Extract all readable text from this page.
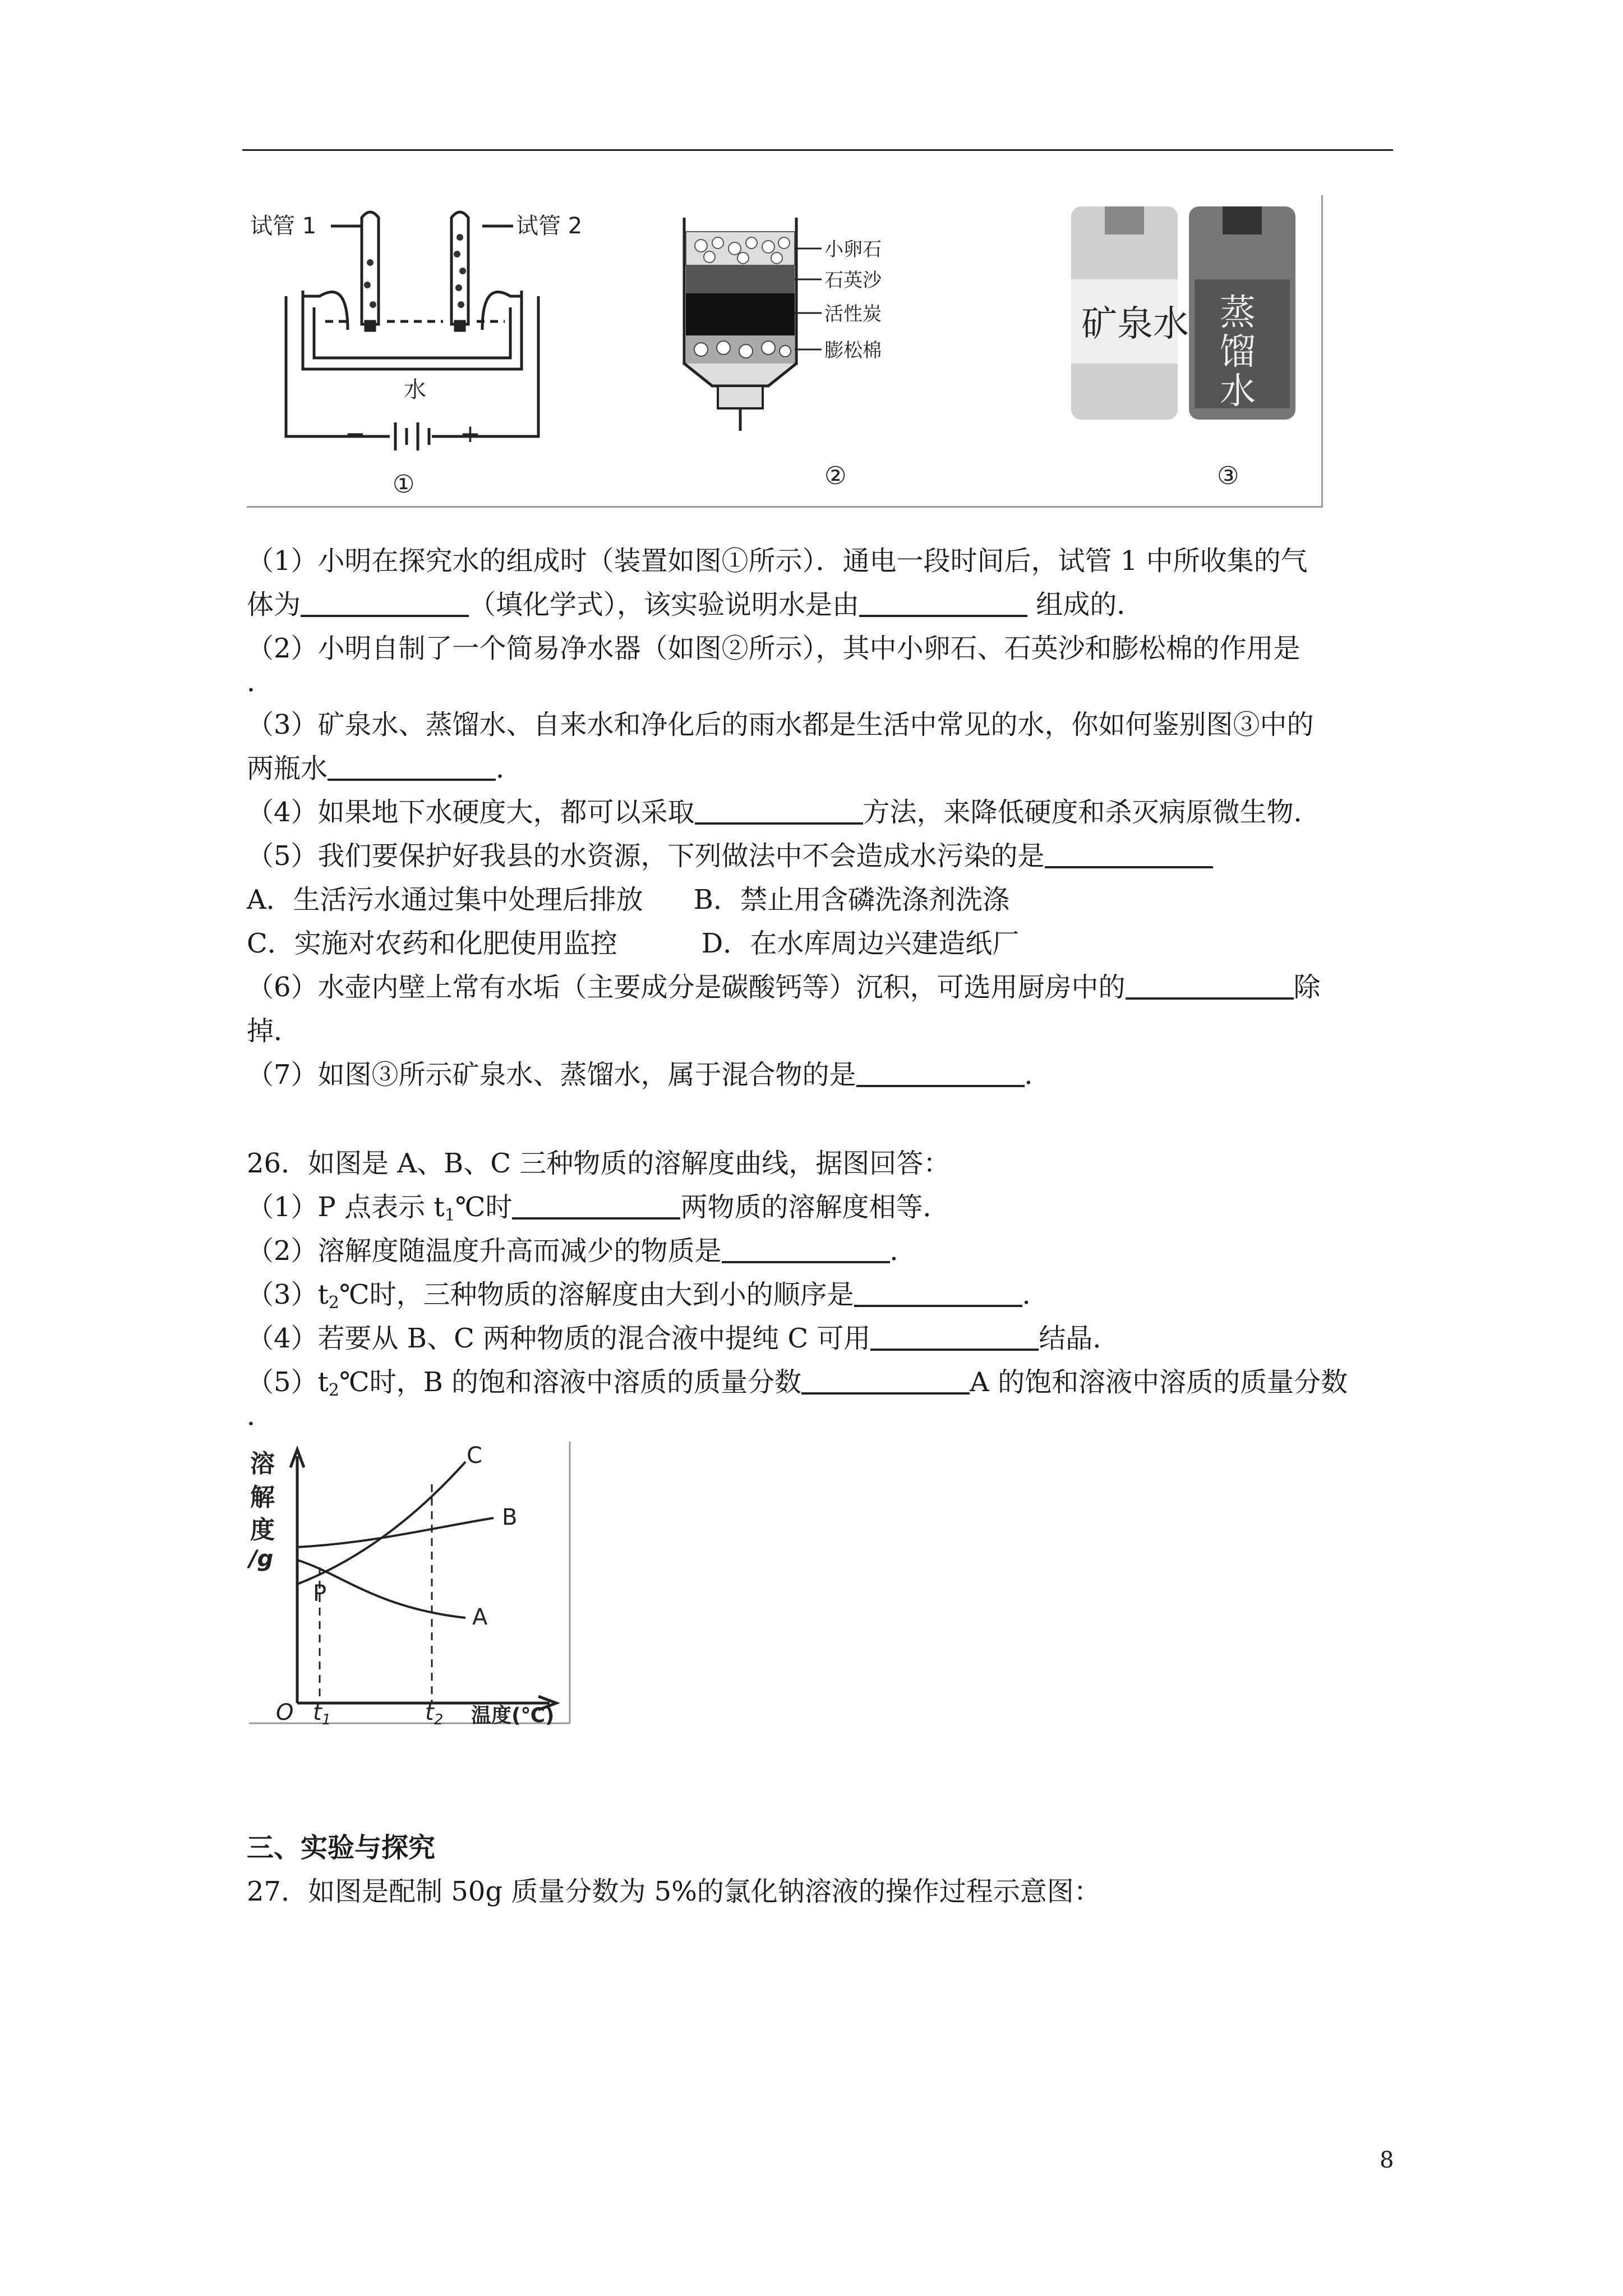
试管 1	试管 2
水
−	+
①
小卵石
石英沙
活性炭
膨松棉
②	③
矿泉水 蒸馏水
（1）小明在探究水的组成时（装置如图①所示）．通电一段时间后，试管 1 中所收集的气
体为	（填化学式），该实验说明水是由	组成的．
（2）小明自制了一个简易净水器（如图②所示），其中小卵石、石英沙和膨松棉的作用是
．
（3）矿泉水、蒸馏水、自来水和净化后的雨水都是生活中常见的水，你如何鉴别图③中的
两瓶水	．
（4）如果地下水硬度大，都可以采取	方法，来降低硬度和杀灭病原微生物．
（5）我们要保护好我县的水资源，下列做法中不会造成水污染的是
A．生活污水通过集中处理后排放 B．禁止用含磷洗涤剂洗涤
C．实施对农药和化肥使用监控	D．在水库周边兴建造纸厂
（6）水壶内壁上常有水垢（主要成分是碳酸钙等）沉积，可选用厨房中的	除
掉．
（7）如图③所示矿泉水、蒸馏水，属于混合物的是	．
26．如图是 A、B、C 三种物质的溶解度曲线，据图回答：
（1）P 点表示 $t_1℃$时	两物质的溶解度相等．
（2）溶解度随温度升高而减少的物质是	．
$(3)t_2℃$时，三种物质的溶解度由大到小的顺序是	．
（4）若要从 B、C 两种物质的混合液中提纯 C 可用	结晶．
$(5)t_2℃$时，B 的饱和溶液中溶质的质量分数	A 的饱和溶液中溶质的质量分数
．
溶
解
度
/g
C
B
A
P
O $t_1$	$t_2$ 温度(℃)
三、实验与探究
27．如图是配制 50g 质量分数为 5%的氯化钠溶液的操作过程示意图：
8
